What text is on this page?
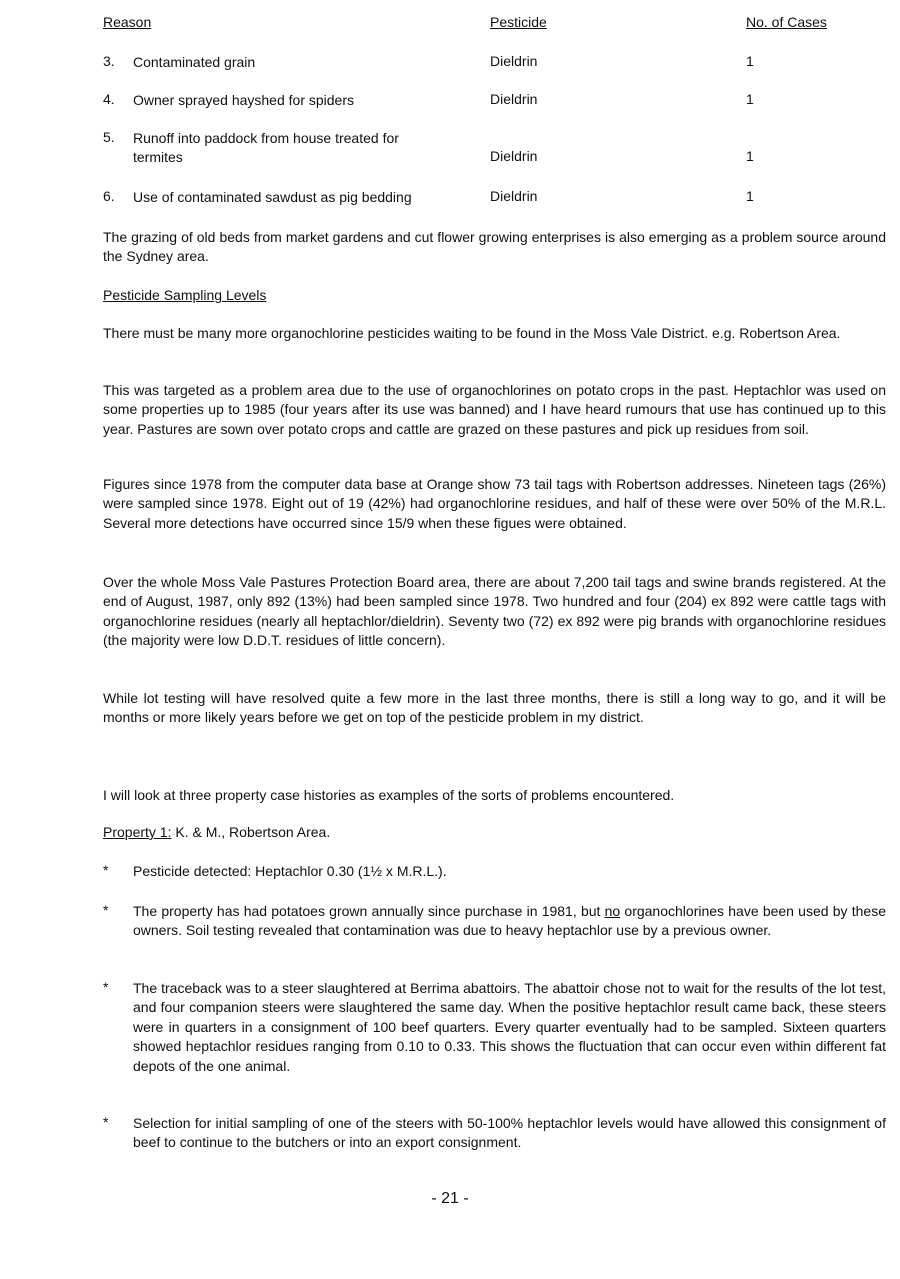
Reason	Pesticide	No. of Cases
3. Contaminated grain	Dieldrin	1
4. Owner sprayed hayshed for spiders	Dieldrin	1
5. Runoff into paddock from house treated for termites	Dieldrin	1
6. Use of contaminated sawdust as pig bedding	Dieldrin	1
The grazing of old beds from market gardens and cut flower growing enterprises is also emerging as a problem source around the Sydney area.
Pesticide Sampling Levels
There must be many more organochlorine pesticides waiting to be found in the Moss Vale District. e.g. Robertson Area.
This was targeted as a problem area due to the use of organochlorines on potato crops in the past. Heptachlor was used on some properties up to 1985 (four years after its use was banned) and I have heard rumours that use has continued up to this year. Pastures are sown over potato crops and cattle are grazed on these pastures and pick up residues from soil.
Figures since 1978 from the computer data base at Orange show 73 tail tags with Robertson addresses. Nineteen tags (26%) were sampled since 1978. Eight out of 19 (42%) had organochlorine residues, and half of these were over 50% of the M.R.L. Several more detections have occurred since 15/9 when these figues were obtained.
Over the whole Moss Vale Pastures Protection Board area, there are about 7,200 tail tags and swine brands registered. At the end of August, 1987, only 892 (13%) had been sampled since 1978. Two hundred and four (204) ex 892 were cattle tags with organochlorine residues (nearly all heptachlor/dieldrin). Seventy two (72) ex 892 were pig brands with organochlorine residues (the majority were low D.D.T. residues of little concern).
While lot testing will have resolved quite a few more in the last three months, there is still a long way to go, and it will be months or more likely years before we get on top of the pesticide problem in my district.
I will look at three property case histories as examples of the sorts of problems encountered.
Property 1: K. & M., Robertson Area.
* Pesticide detected: Heptachlor 0.30 (1½ x M.R.L.).
* The property has had potatoes grown annually since purchase in 1981, but no organochlorines have been used by these owners. Soil testing revealed that contamination was due to heavy heptachlor use by a previous owner.
* The traceback was to a steer slaughtered at Berrima abattoirs. The abattoir chose not to wait for the results of the lot test, and four companion steers were slaughtered the same day. When the positive heptachlor result came back, these steers were in quarters in a consignment of 100 beef quarters. Every quarter eventually had to be sampled. Sixteen quarters showed heptachlor residues ranging from 0.10 to 0.33. This shows the fluctuation that can occur even within different fat depots of the one animal.
* Selection for initial sampling of one of the steers with 50-100% heptachlor levels would have allowed this consignment of beef to continue to the butchers or into an export consignment.
- 21 -
